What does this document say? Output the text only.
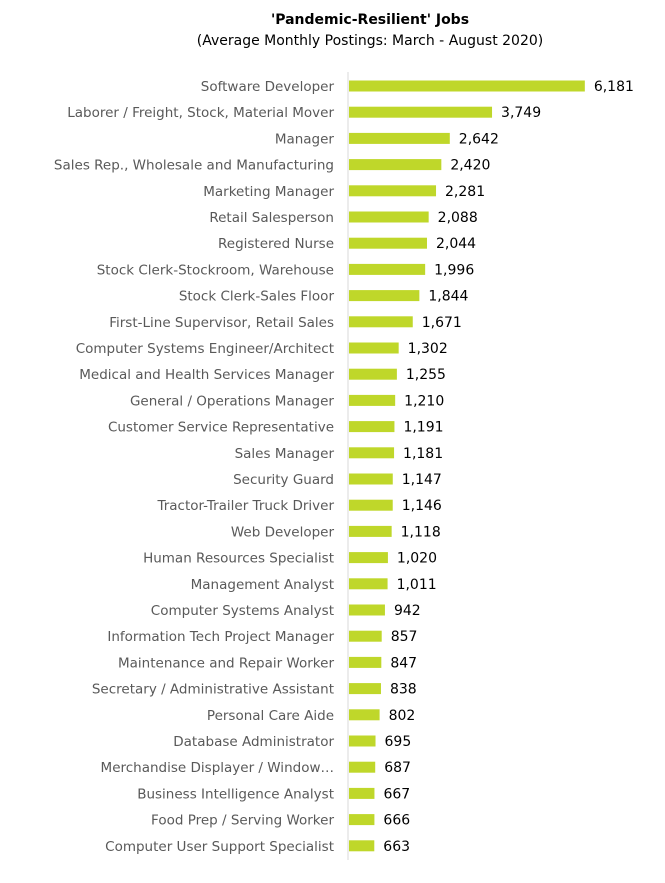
'Pandemic-Resilient' Jobs
(Average Monthly Postings: March - August 2020)
Software Developer	6,181
Laborer / Freight, Stock, Material Mover	3,749
Manager	2,642
Sales Rep., Wholesale and Manufacturing	2,420
Marketing Manager	2,281
Retail Salesperson	2,088
Registered Nurse	2,044
Stock Clerk-Stockroom, Warehouse	1,996
Stock Clerk-Sales Floor	1,844
First-Line Supervisor, Retail Sales	1,671
Computer Systems Engineer/Architect	1,302
Medical and Health Services Manager	1,255
General / Operations Manager	1,210
Customer Service Representative	1,191
Sales Manager	1,181
Security Guard	1,147
Tractor-Trailer Truck Driver	1,146
Web Developer	1,118
Human Resources Specialist	1,020
Management Analyst	1,011
Computer Systems Analyst	942
Information Tech Project Manager	857
Maintenance and Repair Worker	847
Secretary / Administrative Assistant	838
Personal Care Aide	802
Database Administrator	695
Merchandise Displayer / Window…	687
Business Intelligence Analyst	667
Food Prep / Serving Worker	666
Computer User Support Specialist	663
